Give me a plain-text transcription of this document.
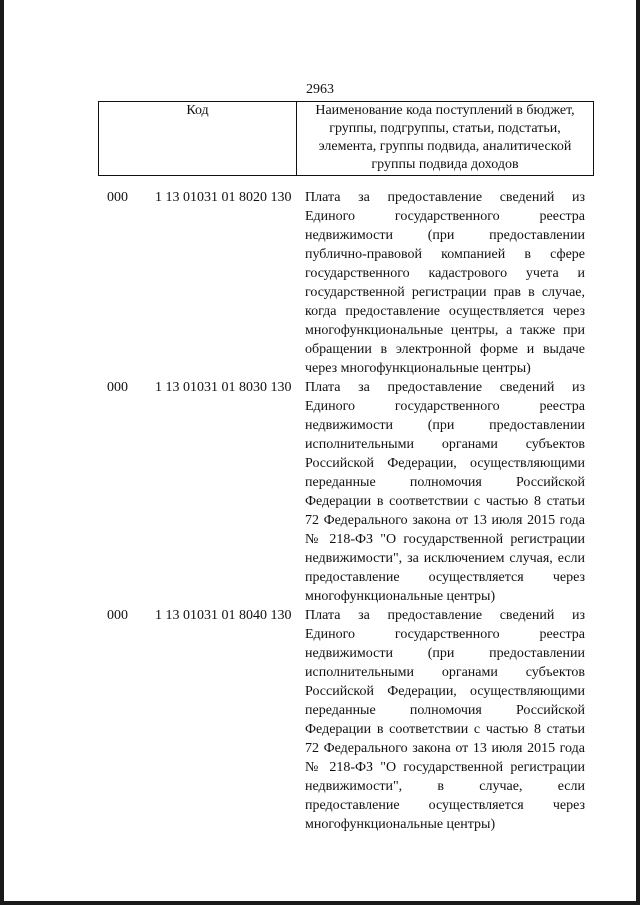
2963
Код	Наименование кода поступлений в бюджет,
группы, подгруппы, статьи, подстатьи,
элемента, группы подвида, аналитической
группы подвида доходов
000	1 13 01031 01 8020 130 Плата за предоставление сведений из
Единого государственного реестра
недвижимости (при предоставлении
публично-правовой компанией в сфере
государственного кадастрового учета и
государственной регистрации прав в случае,
когда предоставление осуществляется через
многофункциональные центры, а также при
обращении в электронной форме и выдаче
через многофункциональные центры)
000	1 13 01031 01 8030 130 Плата за предоставление сведений из
Единого государственного реестра
недвижимости (при предоставлении
исполнительными органами субъектов
Российской Федерации, осуществляющими
переданные полномочия Российской
Федерации в соответствии с частью 8 статьи
72 Федерального закона от 13 июля 2015 года
№ 218-ФЗ "О государственной регистрации
недвижимости", за исключением случая, если
предоставление осуществляется через
многофункциональные центры)
000	1 13 01031 01 8040 130 Плата за предоставление сведений из
Единого государственного реестра
недвижимости (при предоставлении
исполнительными органами субъектов
Российской Федерации, осуществляющими
переданные полномочия Российской
Федерации в соответствии с частью 8 статьи
72 Федерального закона от 13 июля 2015 года
№ 218-ФЗ "О государственной регистрации
недвижимости", в случае, если
предоставление осуществляется через
многофункциональные центры)
